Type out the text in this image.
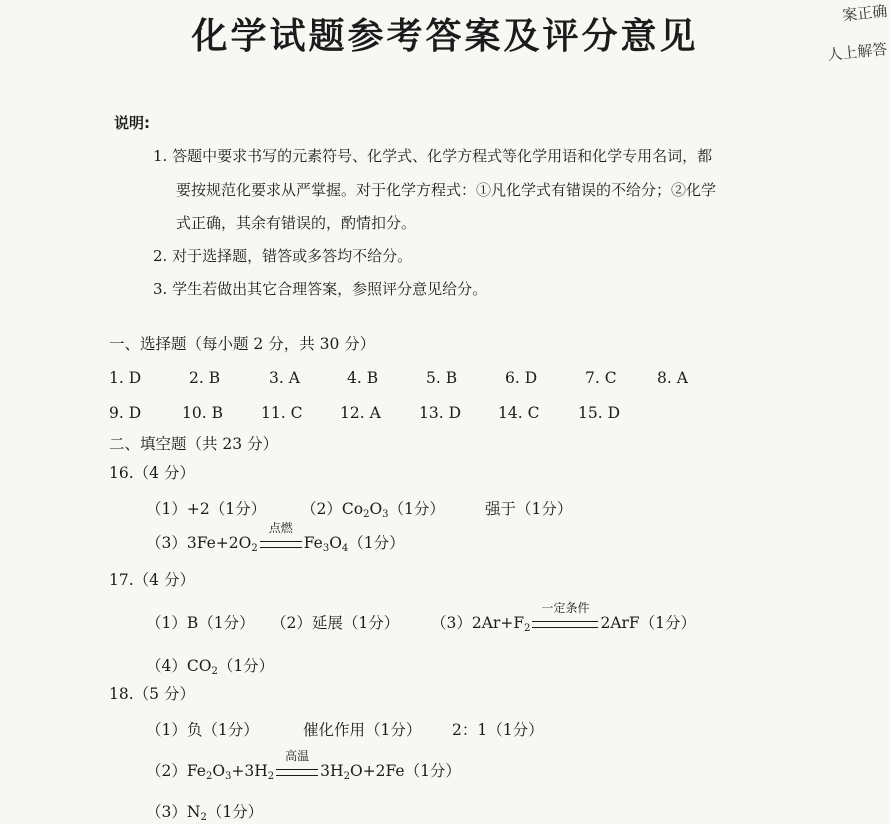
化学试题参考答案及评分意见
案正确
人上解答
说明:
1. 答题中要求书写的元素符号、化学式、化学方程式等化学用语和化学专用名词，都
要按规范化要求从严掌握。对于化学方程式：①凡化学式有错误的不给分；②化学
式正确，其余有错误的，酌情扣分。
2. 对于选择题，错答或多答均不给分。
3. 学生若做出其它合理答案，参照评分意见给分。
一、选择题（每小题 2 分，共 30 分）
1. D	2. B	3. A	4. B	5. B	6. D	7. C	8. A
9. D	10. B 11. C 12. A 13. D 14. C 15. D
二、填空题（共 23 分）
16.（4 分）
（1）+2（1分） $(2)Co_2O_3(1$分）	强于（1分）
$(3)3Fe+2O_2$
点燃
$Fe_3O_4(1$分）
17.（4 分）
（1）B（1分） （2）延展（1分） $(3)2Ar+F_2$
一定条件
2ArF（1分）
$(4)CO_2(1$分）
18.（5 分）
（1）负（1分）	催化作用（1分） 2：1（1分）
$(2)Fe_2O_3+3H_2$
高温
$3H_2O+2Fe(1$分）
$(3)N_2(1$分）
